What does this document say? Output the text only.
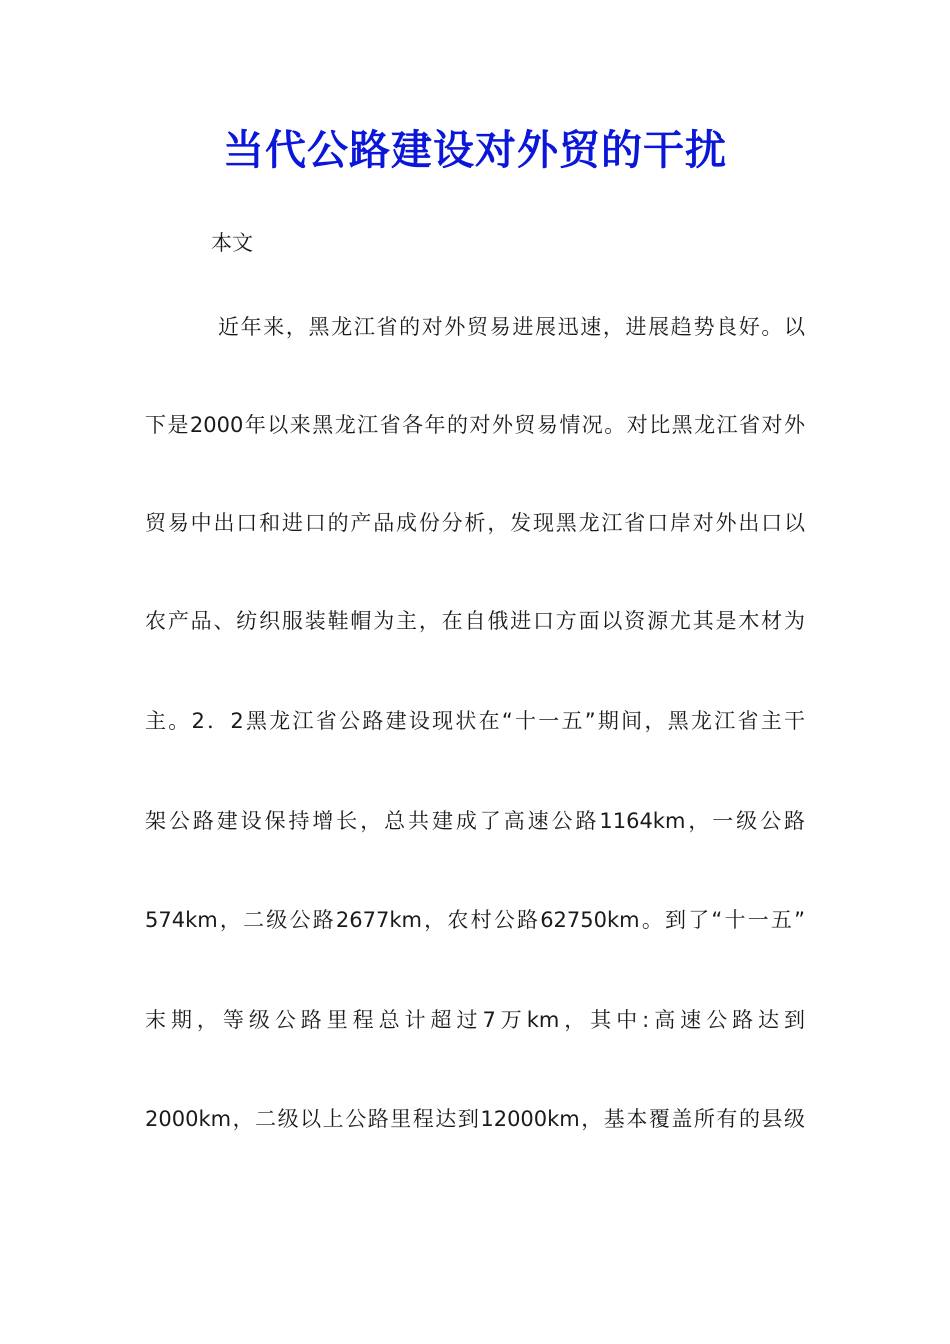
当代公路建设对外贸的干扰
本文
近年来，黑龙江省的对外贸易进展迅速，进展趋势良好。以
下是2000年以来黑龙江省各年的对外贸易情况。对比黑龙江省对外
贸易中出口和进口的产品成份分析，发现黑龙江省口岸对外出口以
农产品、纺织服装鞋帽为主，在自俄进口方面以资源尤其是木材为
主。2．2黑龙江省公路建设现状在“十一五”期间，黑龙江省主干
架公路建设保持增长，总共建成了高速公路1164km，一级公路
574km，二级公路2677km，农村公路62750km。到了“十一五”
末期，等级公路里程总计超过7万km，其中:高速公路达到
2000km，二级以上公路里程达到12000km，基本覆盖所有的县级
